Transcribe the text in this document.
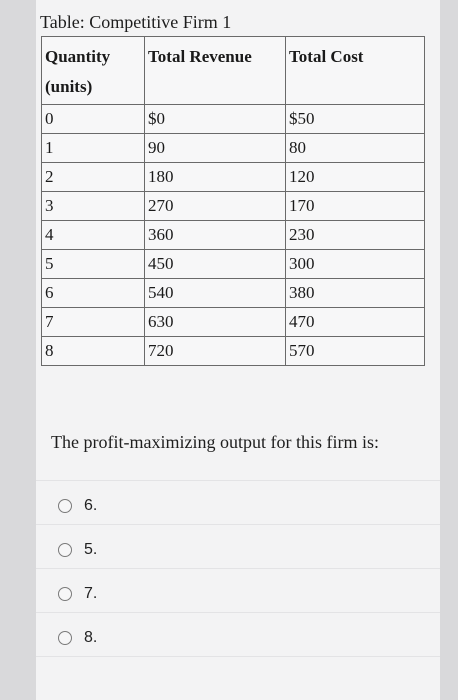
Table: Competitive Firm 1
Quantity (units)	Total Revenue	Total Cost
0	$0	$50
1	90	80
2	180	120
3	270	170
4	360	230
5	450	300
6	540	380
7	630	470
8	720	570
The profit-maximizing output for this firm is:
6.
5.
7.
8.
